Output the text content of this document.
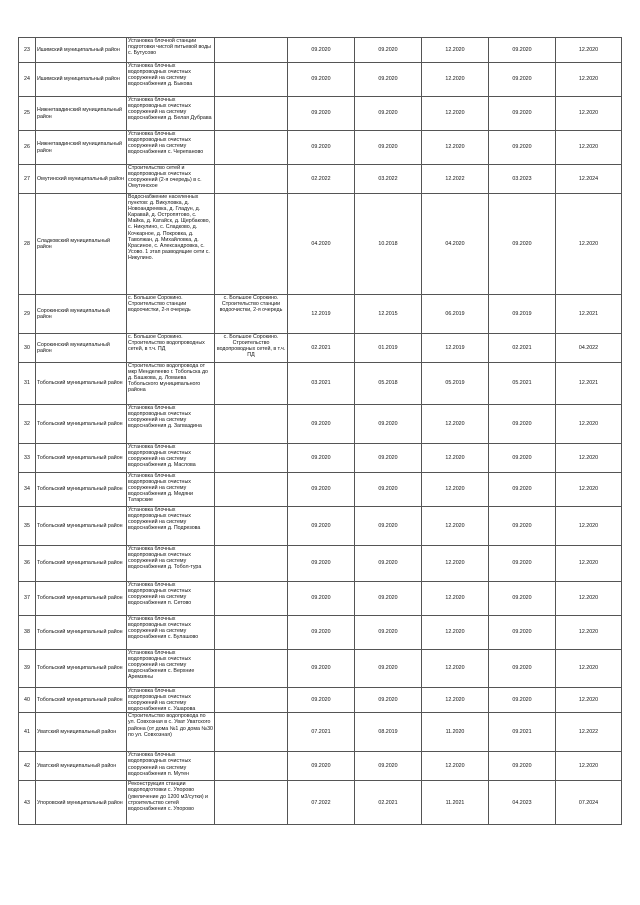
23	Ишимский муниципальный район	Установка блочной станции подготовки чистой питьевой воды с. Бутусово		09.2020	09.2020	12.2020	09.2020	12.2020
24	Ишимский муниципальный район	Установка блочных водопроводных очистных сооружений на систему водоснабжения д. Быкова		09.2020	09.2020	12.2020	09.2020	12.2020
25	Нижнетавдинский муниципальный район	Установка блочных водопроводных очистных сооружений на систему водоснабжения д. Белая Дубрава		09.2020	09.2020	12.2020	09.2020	12.2020
26	Нижнетавдинский муниципальный район	Установка блочных водопроводных очистных сооружений на систему водоснабжения с. Черепаново		09.2020	09.2020	12.2020	09.2020	12.2020
27	Омутинский муниципальный район	Строительство сетей и водопроводных очистных сооружений (2-я очередь) в с. Омутинское		02.2022	03.2022	12.2022	03.2023	12.2024
28	Сладковский муниципальный район	Водоснабжение населенных пунктов: д. Викуловка, д. Новоандреевка, д. Гладун, д. Каравай, д. Остропятово, с. Майка, д. Катайск, д. Щербаково, с. Никулино, с. Сладково, д. Кочкарное, д. Покровка, д. Таволжан, д. Михайловка, д. Красиное, с. Александровка, с. Усово. 1 этап разводящие сети с. Никулино.		04.2020	10.2018	04.2020	09.2020	12.2020
29	Сорокинский муниципальный район	с. Большое Сорокино. Строительство станции водоочистки, 2-я очередь	с. Большое Сорокино. Строительство станции водоочистки, 2-я очередь	12.2019	12.2015	06.2019	09.2019	12.2021
30	Сорокинский муниципальный район	с. Большое Сорокино. Строительство водопроводных сетей, в т.ч. ПД	с. Большое Сорокино. Строительство водопроводных сетей, в т.ч. ПД	02.2021	01.2019	12.2019	02.2021	04.2022
31	Тобольский муниципальный район	Строительство водопровода от мкр Менделеево г. Тобольска до д. Башкова, д. Ломаева Тобольского муниципального района		03.2021	05.2018	05.2019	05.2021	12.2021
32	Тобольский муниципальный район	Установка блочных водопроводных очистных сооружений на систему водоснабжения д. Загваздина		09.2020	09.2020	12.2020	09.2020	12.2020
33	Тобольский муниципальный район	Установка блочных водопроводных очистных сооружений на систему водоснабжения д. Маслова		09.2020	09.2020	12.2020	09.2020	12.2020
34	Тобольский муниципальный район	Установка блочных водопроводных очистных сооружений на систему водоснабжения д. Медяни Татарские		09.2020	09.2020	12.2020	09.2020	12.2020
35	Тобольский муниципальный район	Установка блочных водопроводных очистных сооружений на систему водоснабжения д. Подрезова		09.2020	09.2020	12.2020	09.2020	12.2020
36	Тобольский муниципальный район	Установка блочных водопроводных очистных сооружений на систему водоснабжения д. Тобол-тура		09.2020	09.2020	12.2020	09.2020	12.2020
37	Тобольский муниципальный район	Установка блочных водопроводных очистных сооружений на систему водоснабжения п. Сетово		09.2020	09.2020	12.2020	09.2020	12.2020
38	Тобольский муниципальный район	Установка блочных водопроводных очистных сооружений на систему водоснабжения с. Булашово		09.2020	09.2020	12.2020	09.2020	12.2020
39	Тобольский муниципальный район	Установка блочных водопроводных очистных сооружений на систему водоснабжения с. Верхние Аремзяны		09.2020	09.2020	12.2020	09.2020	12.2020
40	Тобольский муниципальный район	Установка блочных водопроводных очистных сооружений на систему водоснабжения с. Ушарова		09.2020	09.2020	12.2020	09.2020	12.2020
41	Уватский муниципальный район	Строительство водопровода по ул. Совхозная в с. Уват Уватского района (от дома №1 до дома №30 по ул. Совхозная)		07.2021	08.2019	11.2020	09.2021	12.2022
42	Уватский муниципальный район	Установка блочных водопроводных очистных сооружений на систему водоснабжения п. Мутен		09.2020	09.2020	12.2020	09.2020	12.2020
43	Упоровский муниципальный район	Реконструкция станции водоподготовки с. Упорово (увеличение до 1200 м3/сутки) и строительство сетей водоснабжения с. Упорово		07.2022	02.2021	11.2021	04.2023	07.2024
